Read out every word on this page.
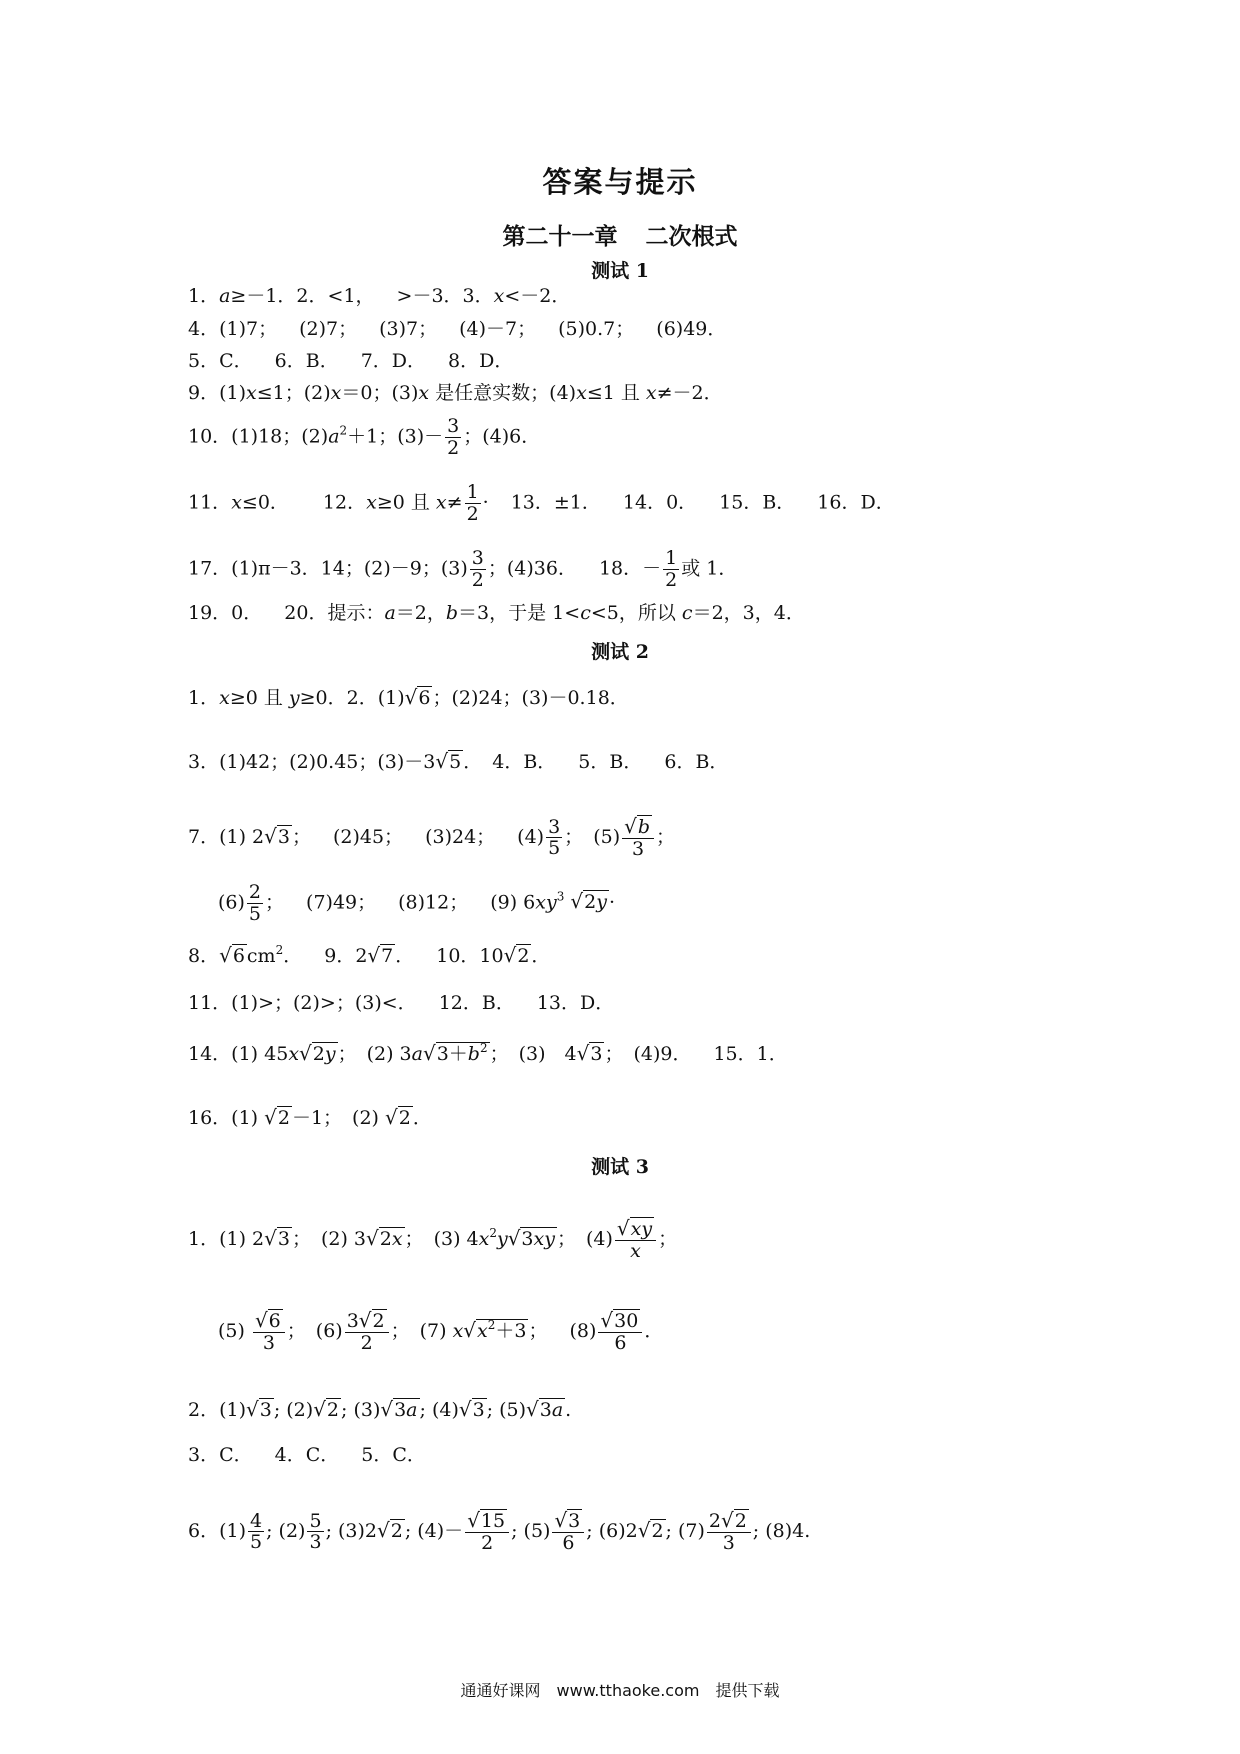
答案与提示
第二十一章 二次根式
测试 1
1．a≥－1．2．<1， >－3．3．x<－2．
4．(1)7； (2)7； (3)7； (4)－7； (5)0.7； (6)49．
5．C． 6．B． 7．D． 8．D．
9．(1)x≤1；(2)x＝0；(3)x 是任意实数；(4)x≤1 且 x≠－2．
10．(1)18；$(2)a^2+1$；$(3)- \frac{3}{2}$ ；(4)6．
11．x≤0． 12．x≥0 且 $x\ne \frac{1}{2} \cdot 13$．±1． 14．0． 15．B． 16．D．
17．(1)π－3．14；(2)－9；$(3) \frac{3}{2}$ ；(4)36． 18．－ $\frac{1}{2}$ 或 1．
19．0． 20．提示：a＝2，b＝3，于是 1<c<5，所以 c＝2，3，4．
测试 2
1．x≥0 且 y≥0．2．(1)√6 ；(2)24；(3)－0.18．
3．(1)42；(2)0.45；(3)－3√5 ． 4．B． 5．B． 6．B．
7．(1) 2√3 ； (2)45； (3)24； $(4) \frac{3}{5}$ ； $(5) \frac{√b}{3}$ ；
$(6) \frac{2}{5}$ ； (7)49； (8)12； (9) $6xy^3$ √2y ·
8．√6 $cm^2$． 9．2√7 ． 10．10√2 ．
11．(1)>；(2)>；(3)<． 12．B． 13．D．
14．(1) 45x√2y ； (2) $3a√3+b^2$ ； (3)　4√3 ； (4)9． 15．1．
16．(1) √2 －1； (2) √2 ．
测试 3
1．(1) 2√3 ； (2) 3√2x ； (3) $4x^2y√3xy$ ； $(4) \frac{√xy}{x}$ ；
$(5) \frac{√6}{3}$ ； $(6) \frac{3√2}{2}$ ； (7) $x√x^2+3$ ； $(8) \frac{√30}{6}$ ．
2．(1)√3 ; (2)√2 ; (3)√3a ; (4)√3 ; (5)√3a .
3．C． 4．C． 5．C．
6．$(1) \frac{4}{5}$ ; $(2) \frac{5}{3}$ ; (3)2√2 ; $(4)- \frac{√15}{2}$ ; $(5) \frac{√3}{6}$ ; (6)2√2 ; $(7) \frac{2√2}{3}$ ; (8)4.
通通好课网　www.tthaoke.com　提供下载
